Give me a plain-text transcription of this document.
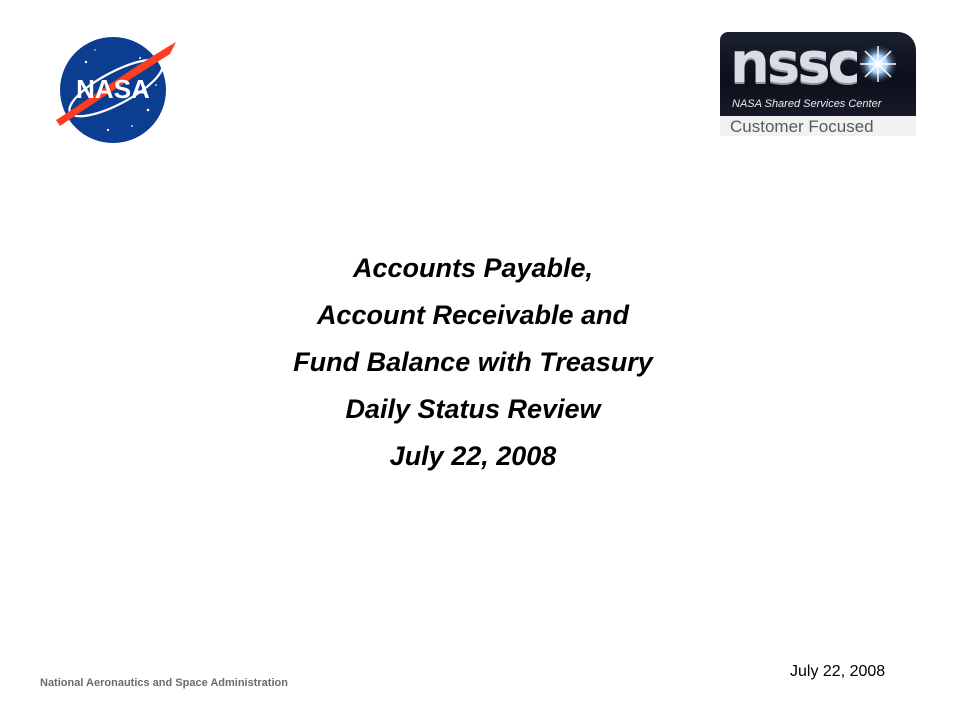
NASA	nssc
NASA Shared Services Center
Customer Focused
Accounts Payable,
Account Receivable and
Fund Balance with Treasury
Daily Status Review
July 22, 2008
National Aeronautics and Space Administration
July 22, 2008
